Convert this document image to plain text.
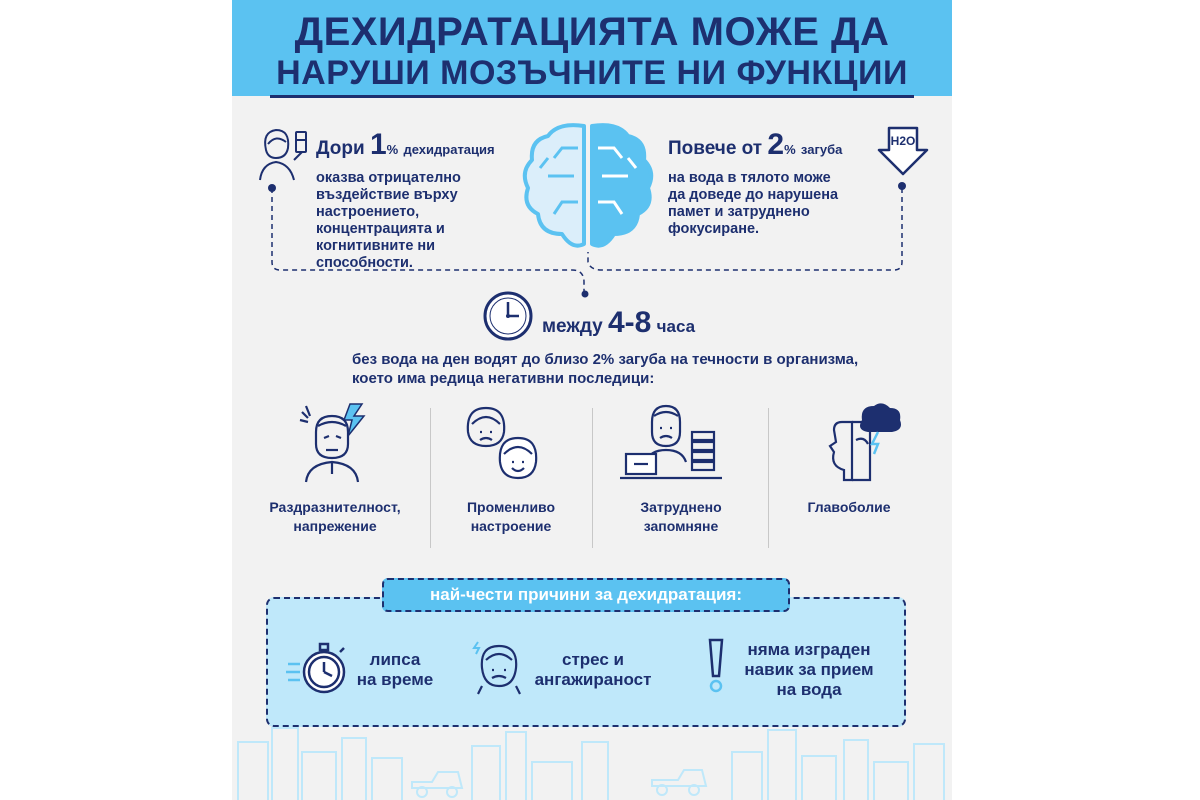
ДЕХИДРАТАЦИЯТА МОЖЕ ДА
НАРУШИ МОЗЪЧНИТЕ НИ ФУНКЦИИ
Дори 1% дехидратация
оказва отрицателно
въздействие върху
настроението,
концентрацията и
когнитивните ни
способности.
Повече от 2% загуба
на вода в тялото може
да доведе до нарушена
памет и затруднено
фокусиране.
H2O
между 4-8 часа
без вода на ден водят до близо 2% загуба на течности в организма,
което има редица негативни последици:
Раздразнителност,
напрежение
Променливо
настроение
Затруднено
запомняне
Главоболие
най-чести причини за дехидратация:
липса
на време
стрес и
ангажираност
няма изграден
навик за прием
на вода
